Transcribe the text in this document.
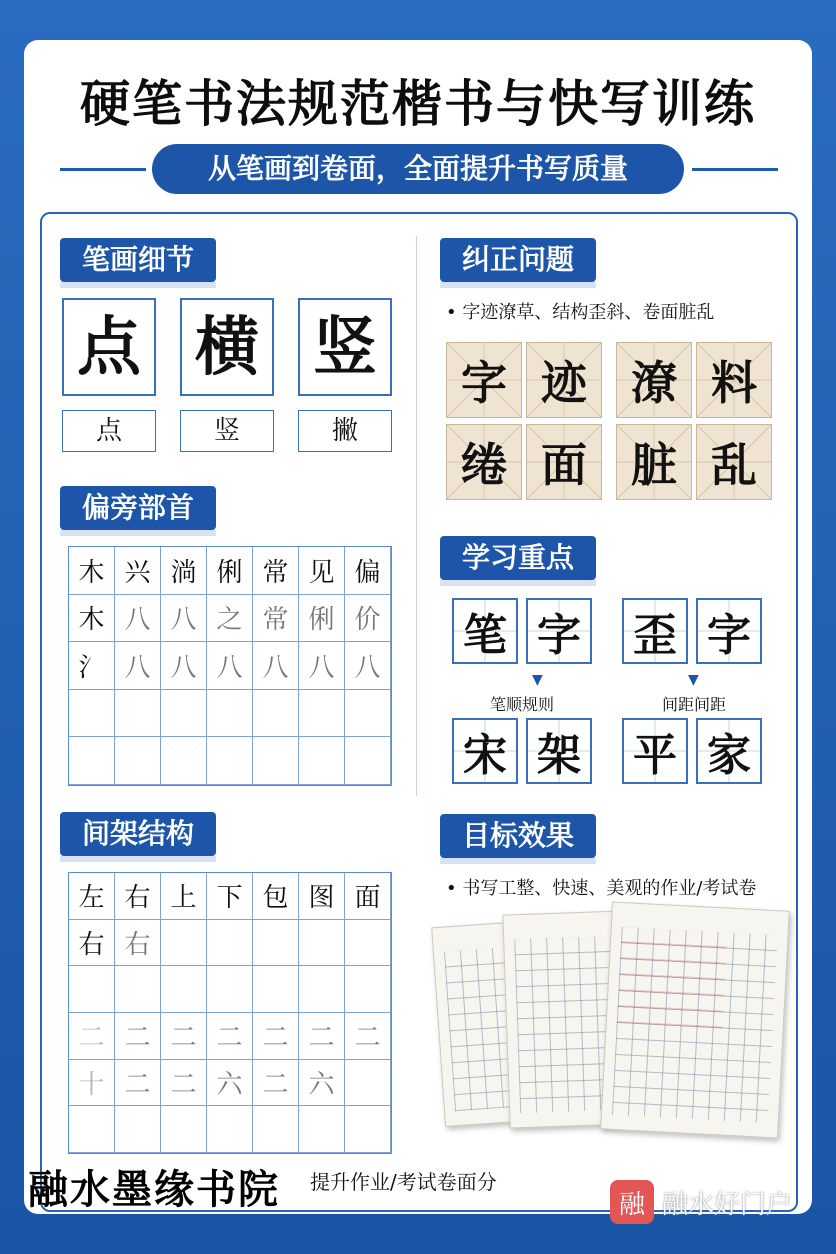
硬笔书法规范楷书与快写训练
从笔画到卷面，全面提升书写质量
笔画细节
点 横 竖
点	竖	撇
偏旁部首
木 兴 淌 俐 常 见 偏
木 八 八 之 常 俐 价
氵 八 八 八 八 八 八
间架结构
左 右 上 下 包 图 面
右 右
二 二 二 二 二 二 二
十 二 二 六 二 六
纠正问题
• 字迹潦草、结构歪斜、卷面脏乱
字 迹 潦 料
绻 面 脏 乱
学习重点
笔 字 歪 字
▼	▼
笔顺规则	间距间距
宋 架 平 家
目标效果
• 书写工整、快速、美观的作业/考试卷
融水墨缘书院 提升作业/考试卷面分
融 融水好门户
